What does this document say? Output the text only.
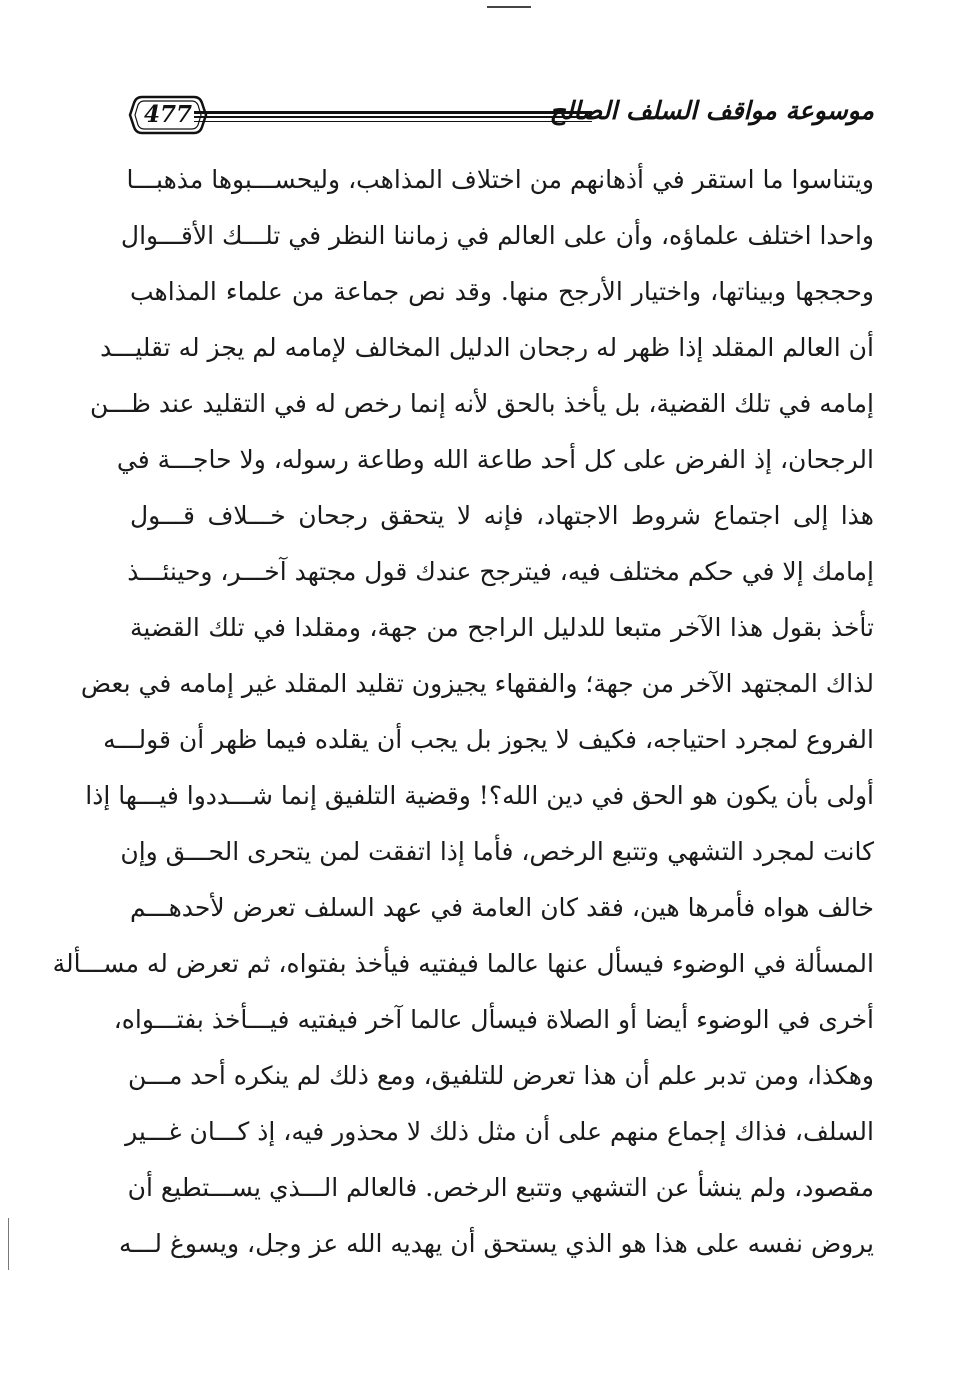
477	موسوعة مواقف السلف الصالح
ويتناسوا ما استقر في أذهانهم من اختلاف المذاهب، وليحســـبوها مذهبـــا
واحدا اختلف علماؤه، وأن على العالم في زماننا النظر في تلـــك الأقـــوال
وحججها وبيناتها، واختيار الأرجح منها. وقد نص جماعة من علماء المذاهب
أن العالم المقلد إذا ظهر له رجحان الدليل المخالف لإمامه لم يجز له تقليـــد
إمامه في تلك القضية، بل يأخذ بالحق لأنه إنما رخص له في التقليد عند ظـــن
الرجحان، إذ الفرض على كل أحد طاعة الله وطاعة رسوله، ولا حاجـــة في
هذا إلى اجتماع شروط الاجتهاد، فإنه لا يتحقق رجحان خـــلاف قـــول
إمامك إلا في حكم مختلف فيه، فيترجح عندك قول مجتهد آخـــر، وحينئـــذ
تأخذ بقول هذا الآخر متبعا للدليل الراجح من جهة، ومقلدا في تلك القضية
لذاك المجتهد الآخر من جهة؛ والفقهاء يجيزون تقليد المقلد غير إمامه في بعض
الفروع لمجرد احتياجه، فكيف لا يجوز بل يجب أن يقلده فيما ظهر أن قولـــه
أولى بأن يكون هو الحق في دين الله؟! وقضية التلفيق إنما شـــددوا فيـــها إذا
كانت لمجرد التشهي وتتبع الرخص، فأما إذا اتفقت لمن يتحرى الحـــق وإن
خالف هواه فأمرها هين، فقد كان العامة في عهد السلف تعرض لأحدهـــم
المسألة في الوضوء فيسأل عنها عالما فيفتيه فيأخذ بفتواه، ثم تعرض له مســـألة
أخرى في الوضوء أيضا أو الصلاة فيسأل عالما آخر فيفتيه فيـــأخذ بفتـــواه،
وهكذا، ومن تدبر علم أن هذا تعرض للتلفيق، ومع ذلك لم ينكره أحد مـــن
السلف، فذاك إجماع منهم على أن مثل ذلك لا محذور فيه، إذ كـــان غـــير
مقصود، ولم ينشأ عن التشهي وتتبع الرخص. فالعالم الـــذي يســـتطيع أن
يروض نفسه على هذا هو الذي يستحق أن يهديه الله عز وجل، ويسوغ لـــه
